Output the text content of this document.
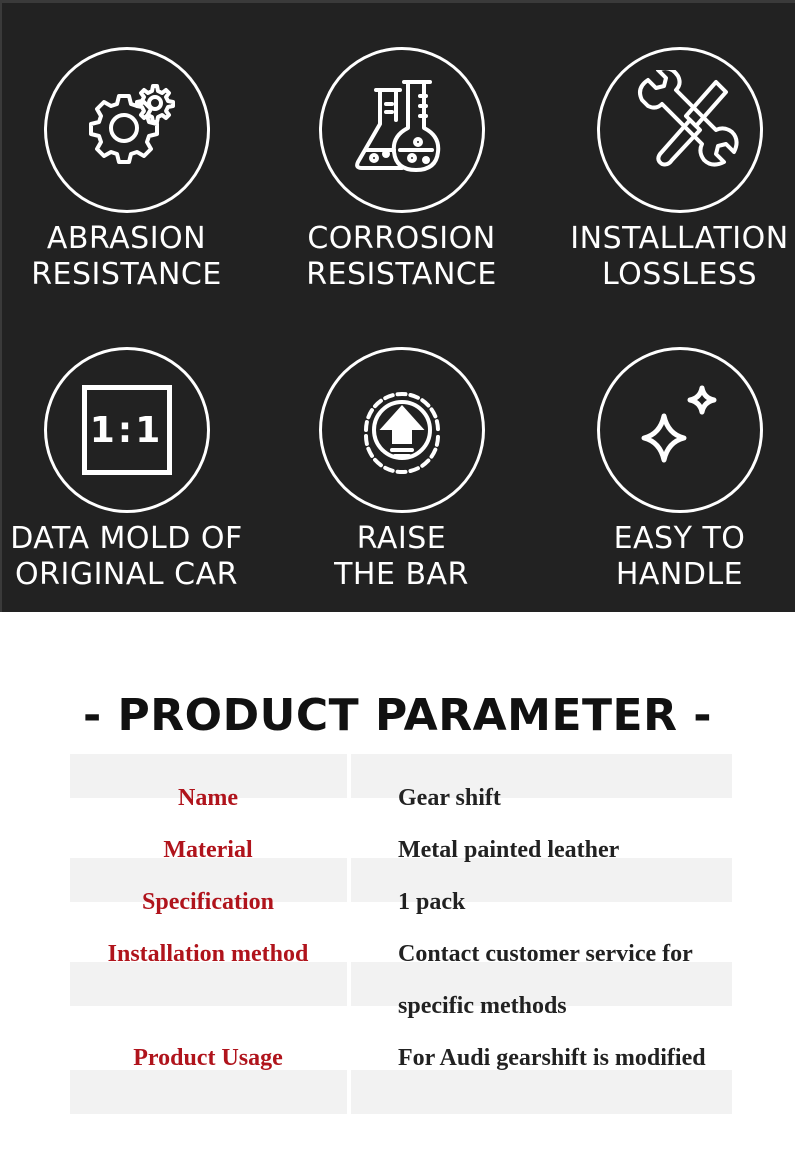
ABRASION
RESISTANCE
CORROSION
RESISTANCE
INSTALLATION
LOSSLESS
1:1
DATA MOLD OF
ORIGINAL CAR
RAISE
THE BAR
EASY TO
HANDLE
- PRODUCT PARAMETER -
Name	Gear shift
Material	Metal painted leather
Specification	1 pack
Installation method	Contact customer service for
specific methods
Product Usage	For Audi gearshift is modified
